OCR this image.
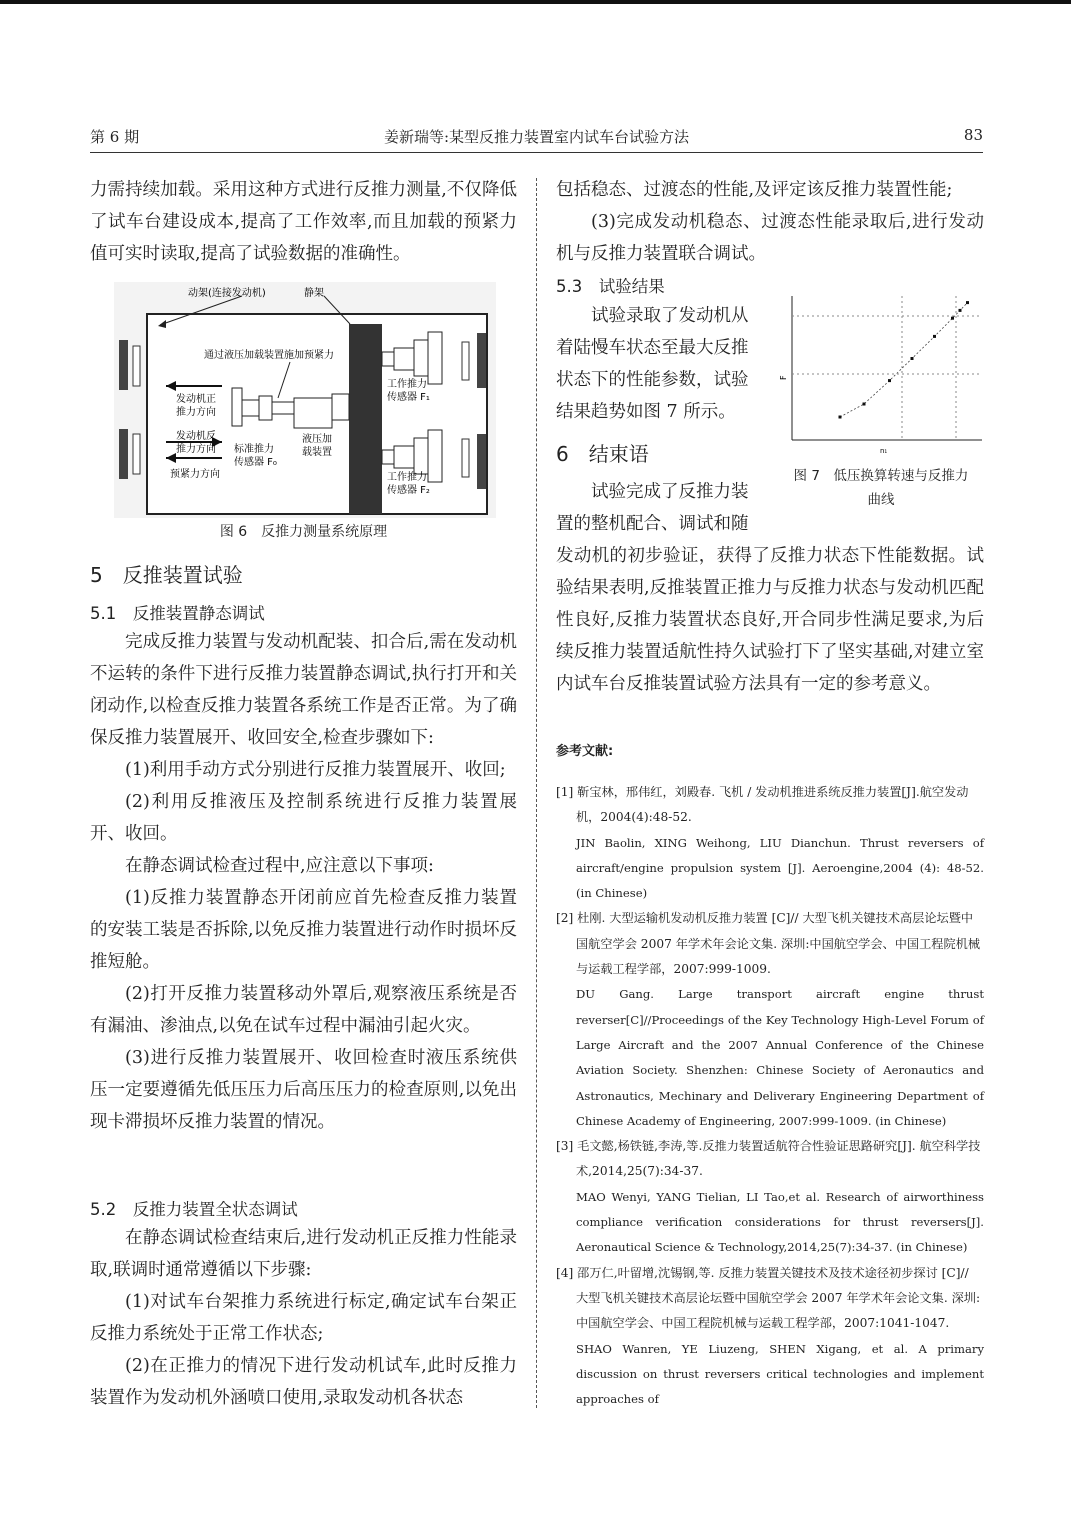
第 6 期	姜新瑞等:某型反推力装置室内试车台试验方法	83

力需持续加载。采用这种方式进行反推力测量,不仅降低了试车台建设成本,提高了工作效率,而且加载的预紧力值可实时读取,提高了试验数据的准确性。

动架(连接发动机)	静架
通过液压加载装置施加预紧力
发动机正
推力方向
发动机反
推力方向
预紧力方向
标准推力
传感器 F₀
液压加
载装置
工作推力
传感器 F₁
工作推力
传感器 F₂
图 6　反推力测量系统原理
5　反推装置试验
5.1　反推装置静态调试

完成反推力装置与发动机配装、扣合后,需在发动机不运转的条件下进行反推力装置静态调试,执行打开和关闭动作,以检查反推力装置各系统工作是否正常。为了确保反推力装置展开、收回安全,检查步骤如下:

(1)利用手动方式分别进行反推力装置展开、收回;

(2)利用反推液压及控制系统进行反推力装置展开、收回。

在静态调试检查过程中,应注意以下事项:

(1)反推力装置静态开闭前应首先检查反推力装置的安装工装是否拆除,以免反推力装置进行动作时损坏反推短舱。

(2)打开反推力装置移动外罩后,观察液压系统是否有漏油、渗油点,以免在试车过程中漏油引起火灾。

(3)进行反推力装置展开、收回检查时液压系统供压一定要遵循先低压压力后高压压力的检查原则,以免出现卡滞损坏反推力装置的情况。

5.2　反推力装置全状态调试

在静态调试检查结束后,进行发动机正反推力性能录取,联调时通常遵循以下步骤:

(1)对试车台架推力系统进行标定,确定试车台架正反推力系统处于正常工作状态;

(2)在正推力的情况下进行发动机试车,此时反推力装置作为发动机外涵喷口使用,录取发动机各状态

包括稳态、过渡态的性能,及评定该反推力装置性能;

(3)完成发动机稳态、过渡态性能录取后,进行发动机与反推力装置联合调试。

5.3　试验结果

试验录取了发动机从

着陆慢车状态至最大反推

状态下的性能参数，试验

结果趋势如图 7 所示。

6　结束语

试验完成了反推力装

置的整机配合、调试和随

发动机的初步验证，获得了反推力状态下性能数据。试验结果表明,反推装置正推力与反推力状态与发动机匹配性良好,反推力装置状态良好,开合同步性满足要求,为后续反推力装置适航性持久试验打下了坚实基础,对建立室内试车台反推装置试验方法具有一定的参考意义。

F
n₁
图 7　低压换算转速与反推力
曲线
参考文献:

[1] 靳宝林，邢伟红，刘殿春. 飞机 / 发动机推进系统反推力装置[J].航空发动机，2004(4):48-52.

JIN Baolin, XING Weihong, LIU Dianchun. Thrust reversers of aircraft/engine propulsion system [J]. Aeroengine,2004 (4): 48-52. (in Chinese)

[2] 杜刚. 大型运输机发动机反推力装置 [C]// 大型飞机关键技术高层论坛暨中国航空学会 2007 年学术年会论文集. 深圳:中国航空学会、中国工程院机械与运载工程学部，2007:999-1009.

DU Gang. Large transport aircraft engine thrust reverser[C]//Proceedings of the Key Technology High-Level Forum of Large Aircraft and the 2007 Annual Conference of the Chinese Aviation Society. Shenzhen: Chinese Society of Aeronautics and Astronautics, Mechinary and Deliverary Engineering Department of Chinese Academy of Engineering, 2007:999-1009. (in Chinese)

[3] 毛文懿,杨铁链,李涛,等.反推力装置适航符合性验证思路研究[J]. 航空科学技术,2014,25(7):34-37.

MAO Wenyi, YANG Tielian, LI Tao,et al. Research of airworthiness compliance verification considerations for thrust reversers[J]. Aeronautical Science & Technology,2014,25(7):34-37. (in Chinese)

[4] 邵万仁,叶留增,沈锡钢,等. 反推力装置关键技术及技术途径初步探讨 [C]// 大型飞机关键技术高层论坛暨中国航空学会 2007 年学术年会论文集. 深圳:中国航空学会、中国工程院机械与运载工程学部，2007:1041-1047.

SHAO Wanren, YE Liuzeng, SHEN Xigang, et al. A primary discussion on thrust reversers critical technologies and implement approaches of
